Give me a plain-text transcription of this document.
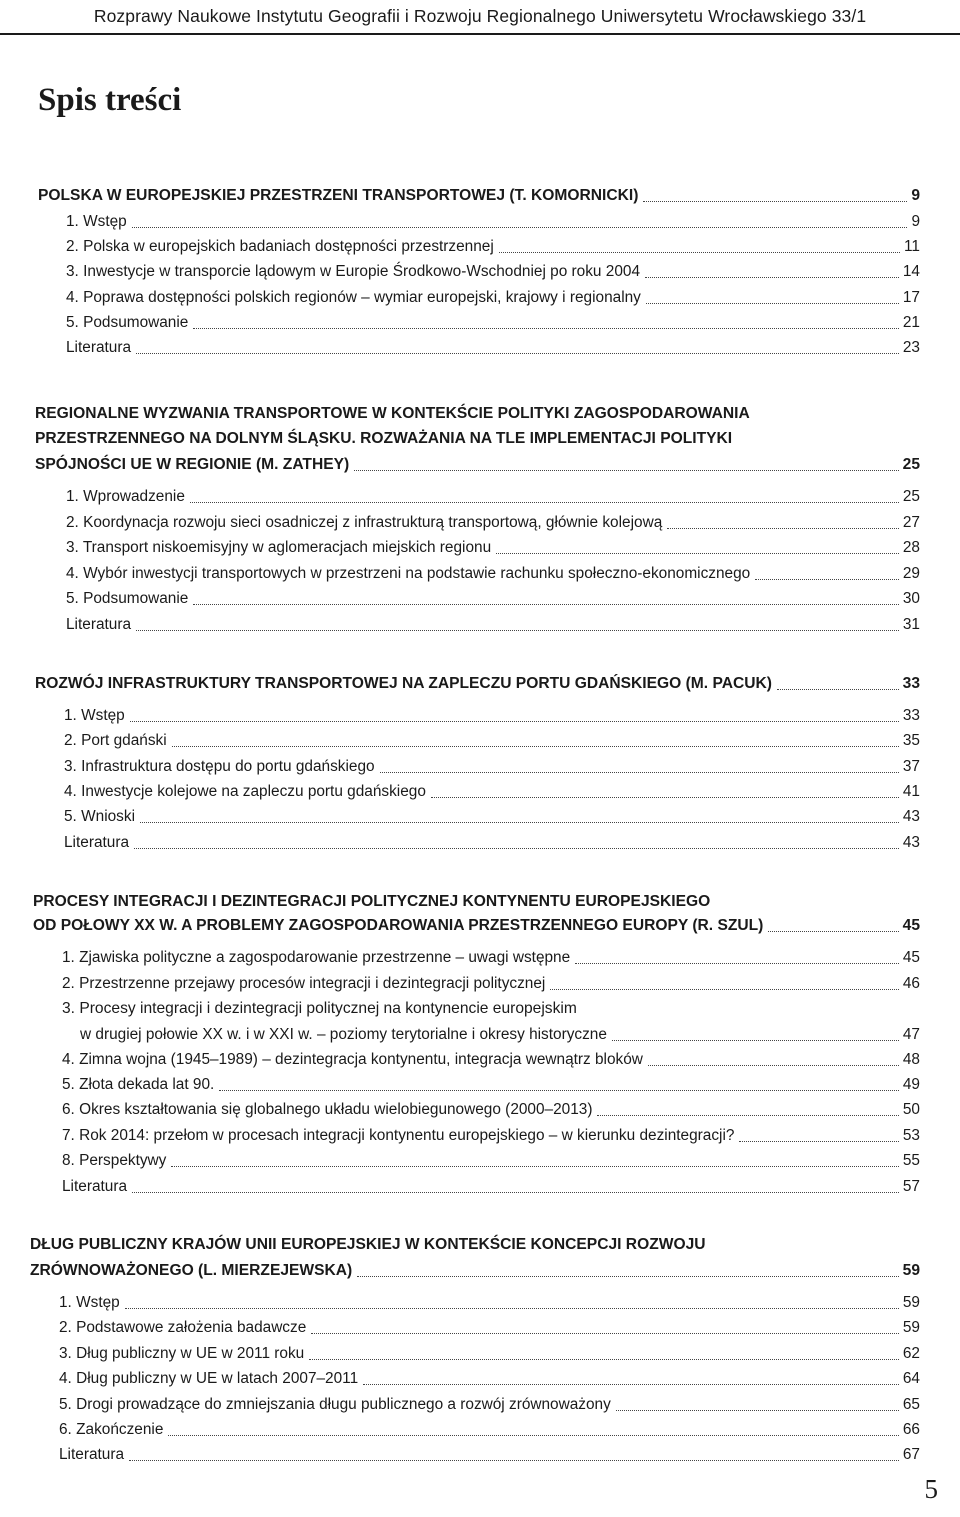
Rozprawy Naukowe Instytutu Geografii i Rozwoju Regionalnego Uniwersytetu Wrocławskiego 33/1
Spis treści
POLSKA W EUROPEJSKIEJ PRZESTRZENI TRANSPORTOWEJ (T. KOMORNICKI)	9
1. Wstęp	9
2. Polska w europejskich badaniach dostępności przestrzennej	11
3. Inwestycje w transporcie lądowym w Europie Środkowo-Wschodniej po roku 2004	14
4. Poprawa dostępności polskich regionów – wymiar europejski, krajowy i regionalny	17
5. Podsumowanie	21
Literatura	23
REGIONALNE WYZWANIA TRANSPORTOWE W KONTEKŚCIE POLITYKI ZAGOSPODAROWANIA
PRZESTRZENNEGO NA DOLNYM ŚLĄSKU. ROZWAŻANIA NA TLE IMPLEMENTACJI POLITYKI
SPÓJNOŚCI UE W REGIONIE (M. ZATHEY)	25
1. Wprowadzenie	25
2. Koordynacja rozwoju sieci osadniczej z infrastrukturą transportową, głównie kolejową	27
3. Transport niskoemisyjny w aglomeracjach miejskich regionu	28
4. Wybór inwestycji transportowych w przestrzeni na podstawie rachunku społeczno-ekonomicznego	29
5. Podsumowanie	30
Literatura	31
ROZWÓJ INFRASTRUKTURY TRANSPORTOWEJ NA ZAPLECZU PORTU GDAŃSKIEGO (M. PACUK)	33
1. Wstęp	33
2. Port gdański	35
3. Infrastruktura dostępu do portu gdańskiego	37
4. Inwestycje kolejowe na zapleczu portu gdańskiego	41
5. Wnioski	43
Literatura	43
PROCESY INTEGRACJI I DEZINTEGRACJI POLITYCZNEJ KONTYNENTU EUROPEJSKIEGO
OD POŁOWY XX W. A PROBLEMY ZAGOSPODAROWANIA PRZESTRZENNEGO EUROPY (R. SZUL)	45
1. Zjawiska polityczne a zagospodarowanie przestrzenne – uwagi wstępne	45
2. Przestrzenne przejawy procesów integracji i dezintegracji politycznej	46
3. Procesy integracji i dezintegracji politycznej na kontynencie europejskim
w drugiej połowie XX w. i w XXI w. – poziomy terytorialne i okresy historyczne	47
4. Zimna wojna (1945–1989) – dezintegracja kontynentu, integracja wewnątrz bloków	48
5. Złota dekada lat 90.	49
6. Okres kształtowania się globalnego układu wielobiegunowego (2000–2013)	50
7. Rok 2014: przełom w procesach integracji kontynentu europejskiego – w kierunku dezintegracji?	53
8. Perspektywy	55
Literatura	57
DŁUG PUBLICZNY KRAJÓW UNII EUROPEJSKIEJ W KONTEKŚCIE KONCEPCJI ROZWOJU
ZRÓWNOWAŻONEGO (L. MIERZEJEWSKA)	59
1. Wstęp	59
2. Podstawowe założenia badawcze	59
3. Dług publiczny w UE w 2011 roku	62
4. Dług publiczny w UE w latach 2007–2011	64
5. Drogi prowadzące do zmniejszania długu publicznego a rozwój zrównoważony	65
6. Zakończenie	66
Literatura	67
5
